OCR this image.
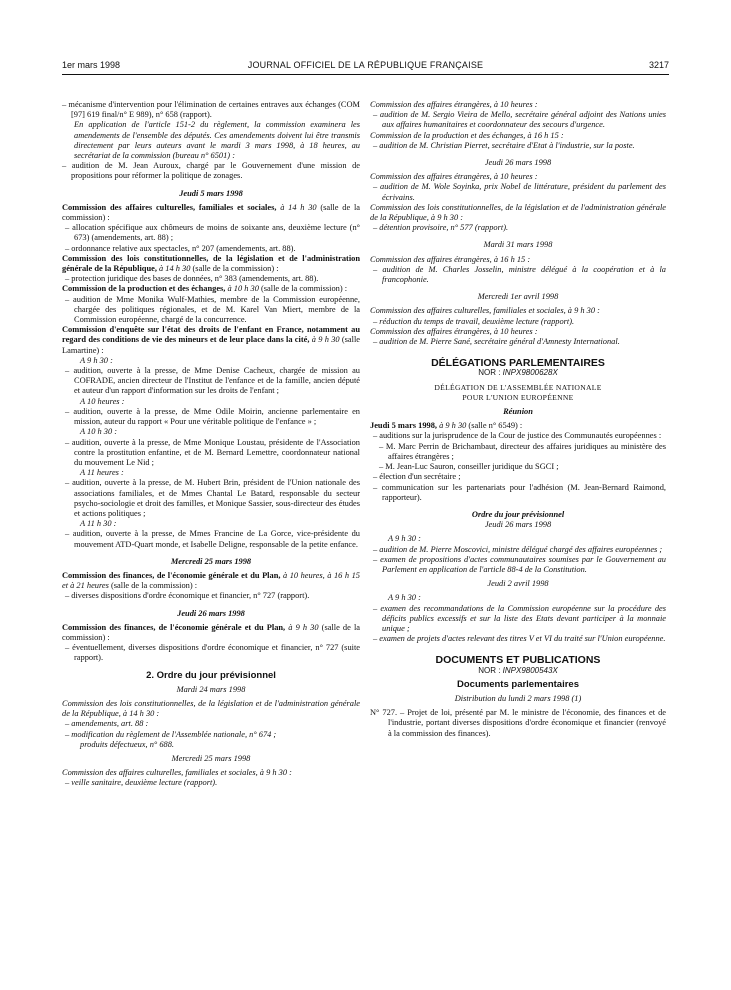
1er mars 1998	JOURNAL OFFICIEL DE LA RÉPUBLIQUE FRANÇAISE	3217

– mécanisme d'intervention pour l'élimination de certaines entraves aux échanges (COM [97] 619 final/n° E 989), n° 658 (rapport).

En application de l'article 151-2 du règlement, la commission examinera les amendements de l'ensemble des députés. Ces amendements doivent lui être transmis directement par leurs auteurs avant le mardi 3 mars 1998, à 18 heures, au secrétariat de la commission (bureau n° 6501) :

– audition de M. Jean Auroux, chargé par le Gouvernement d'une mission de propositions pour réformer la politique de zonages.

Jeudi 5 mars 1998

Commission des affaires culturelles, familiales et sociales, à 14 h 30 (salle de la commission) :

– allocation spécifique aux chômeurs de moins de soixante ans, deuxième lecture (n° 673) (amendements, art. 88) ;

– ordonnance relative aux spectacles, n° 207 (amendements, art. 88).

Commission des lois constitutionnelles, de la législation et de l'administration générale de la République, à 14 h 30 (salle de la commission) :

– protection juridique des bases de données, n° 383 (amendements, art. 88).

Commission de la production et des échanges, à 10 h 30 (salle de la commission) :

– audition de Mme Monika Wulf-Mathies, membre de la Commission européenne, chargée des politiques régionales, et de M. Karel Van Miert, membre de la Commission européenne, chargé de la concurrence.

Commission d'enquête sur l'état des droits de l'enfant en France, notamment au regard des conditions de vie des mineurs et de leur place dans la cité, à 9 h 30 (salle Lamartine) :

A 9 h 30 :

– audition, ouverte à la presse, de Mme Denise Cacheux, chargée de mission au COFRADE, ancien directeur de l'Institut de l'enfance et de la famille, ancien député et auteur d'un rapport d'information sur les droits de l'enfant ;

A 10 heures :

– audition, ouverte à la presse, de Mme Odile Moirin, ancienne parlementaire en mission, auteur du rapport « Pour une véritable politique de l'enfance » ;

A 10 h 30 :

– audition, ouverte à la presse, de Mme Monique Loustau, présidente de l'Association contre la prostitution enfantine, et de M. Bernard Lemettre, coordonnateur national du mouvement Le Nid ;

A 11 heures :

– audition, ouverte à la presse, de M. Hubert Brin, président de l'Union nationale des associations familiales, et de Mmes Chantal Le Batard, responsable du secteur psycho-sociologie et droit des familles, et Monique Sassier, sous-directeur des études et actions politiques ;

A 11 h 30 :

– audition, ouverte à la presse, de Mmes Francine de La Gorce, vice-présidente du mouvement ATD-Quart monde, et Isabelle Deligne, responsable de la petite enfance.

Mercredi 25 mars 1998

Commission des finances, de l'économie générale et du Plan, à 10 heures, à 16 h 15 et à 21 heures (salle de la commission) :

– diverses dispositions d'ordre économique et financier, n° 727 (rapport).

Jeudi 26 mars 1998

Commission des finances, de l'économie générale et du Plan, à 9 h 30 (salle de la commission) :

– éventuellement, diverses dispositions d'ordre économique et financier, n° 727 (suite rapport).

2. Ordre du jour prévisionnel

Mardi 24 mars 1998

Commission des lois constitutionnelles, de la législation et de l'administration générale de la République, à 14 h 30 :

– amendements, art. 88 :

– modification du règlement de l'Assemblée nationale, n° 674 ;

produits défectueux, n° 688.

Mercredi 25 mars 1998

Commission des affaires culturelles, familiales et sociales, à 9 h 30 :

– veille sanitaire, deuxième lecture (rapport).

Commission des affaires étrangères, à 10 heures :

– audition de M. Sergio Vieira de Mello, secrétaire général adjoint des Nations unies aux affaires humanitaires et coordonnateur des secours d'urgence.

Commission de la production et des échanges, à 16 h 15 :

– audition de M. Christian Pierret, secrétaire d'Etat à l'industrie, sur la poste.

Jeudi 26 mars 1998

Commission des affaires étrangères, à 10 heures :

– audition de M. Wole Soyinka, prix Nobel de littérature, président du parlement des écrivains.

Commission des lois constitutionnelles, de la législation et de l'administration générale de la République, à 9 h 30 :

– détention provisoire, n° 577 (rapport).

Mardi 31 mars 1998

Commission des affaires étrangères, à 16 h 15 :

– audition de M. Charles Josselin, ministre délégué à la coopération et à la francophonie.

Mercredi 1er avril 1998

Commission des affaires culturelles, familiales et sociales, à 9 h 30 :

– réduction du temps de travail, deuxième lecture (rapport).

Commission des affaires étrangères, à 10 heures :

– audition de M. Pierre Sané, secrétaire général d'Amnesty International.

DÉLÉGATIONS PARLEMENTAIRES

NOR : INPX9800628X

DÉLÉGATION DE L'ASSEMBLÉE NATIONALE

POUR L'UNION EUROPÉENNE

Réunion

Jeudi 5 mars 1998, à 9 h 30 (salle n° 6549) :

– auditions sur la jurisprudence de la Cour de justice des Communautés européennes :

– M. Marc Perrin de Brichambaut, directeur des affaires juridiques au ministère des affaires étrangères ;

– M. Jean-Luc Sauron, conseiller juridique du SGCI ;

– élection d'un secrétaire ;

– communication sur les partenariats pour l'adhésion (M. Jean-Bernard Raimond, rapporteur).

Ordre du jour prévisionnel

Jeudi 26 mars 1998

A 9 h 30 :

– audition de M. Pierre Moscovici, ministre délégué chargé des affaires européennes ;

– examen de propositions d'actes communautaires soumises par le Gouvernement au Parlement en application de l'article 88-4 de la Constitution.

Jeudi 2 avril 1998

A 9 h 30 :

– examen des recommandations de la Commission européenne sur la procédure des déficits publics excessifs et sur la liste des Etats devant participer à la monnaie unique ;

– examen de projets d'actes relevant des titres V et VI du traité sur l'Union européenne.

DOCUMENTS ET PUBLICATIONS

NOR : INPX9800543X

Documents parlementaires

Distribution du lundi 2 mars 1998 (1)

N° 727. – Projet de loi, présenté par M. le ministre de l'économie, des finances et de l'industrie, portant diverses dispositions d'ordre économique et financier (renvoyé à la commission des finances).
